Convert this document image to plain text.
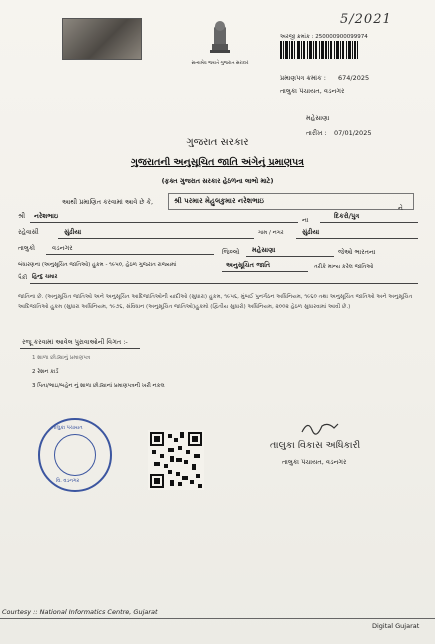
સત્યમેવ જયતે ગુજરાત સરકાર
5/2021
અરજી ક્રમાંક : 250000900099974
પ્રમાણપત્ર ક્રમાંક : 674/2025
તાલુકા પંચાયત, વડનગર
મહેસાણા
તારીખ : 07/01/2025
ગુજરાત સરકાર
ગુજરાતની અનુસૂચિત જાતિ અંગેનું પ્રમાણપત્ર
(ફક્ત ગુજરાત સરકાર હેઠળના લાભો માટે)
આથી પ્રમાણિત કરવામાં આવે છે કે,	શ્રી પરમાર મેહુલકુમાર નરેશભાઇ
ને
શ્રી નરેશભાઇ	ના	દિકરો/પુત્ર
રહેવાસી	સુંઢીયા	ગામ / નગર	સુંઢીયા
તાલુકો	વડનગર	જિલ્લો મહેસાણા	જેઓ ભારતના
બંધારણના (અનુસૂચિત જાતિઓ) હુકમ - ૧૯૫૦, હેઠળ ગુજરાત રાજ્યમાં	અનુસૂચિત જાતિ	તરીકે માન્ય કરેલ જાતિઓ
પૈકી હિન્દુ ચમાર
જાતિના છે. (અનુસૂચિત જાતિઓ અને અનુસૂચિત આદિજાતિઓની યાદીઓ (સુધારા) હુકમ, ૧૯૫૬, મુંબઈ પુનર્ગઠન અધિનિયમ, ૧૯૬૦ તથા અનુસૂચિત જાતિઓ અને અનુસૂચિત આદિજાતિઓ હુકમ (સુધારા અધિનિયમ, ૧૯૭૬, સંવિધાન (અનુસૂચિત જાતિઓ)હુકમો (દ્વિતીય સુધારો) અધિનિયમ, ૨૦૦૨ હેઠળ સુધારવામાં આવી છે.)
રજૂ કરવામાં આવેલ પુરાવાઓની વિગત :-
1 શાળા છોડ્યાનું પ્રમાણપત્ર
2 રેશન કાર્ડ
3 પિતા/ભાઇ/બહેન નું શાળા છોડ્યાનાં પ્રમાણપત્રની ખરી નકલ
તાલુકા પંચાયત
વિ. વડનગર
તાલુકા વિકાસ અધિકારી
તાલુકા પંચાયત, વડનગર
Courtesy :: National Informatics Centre, Gujarat
Digital Gujarat
